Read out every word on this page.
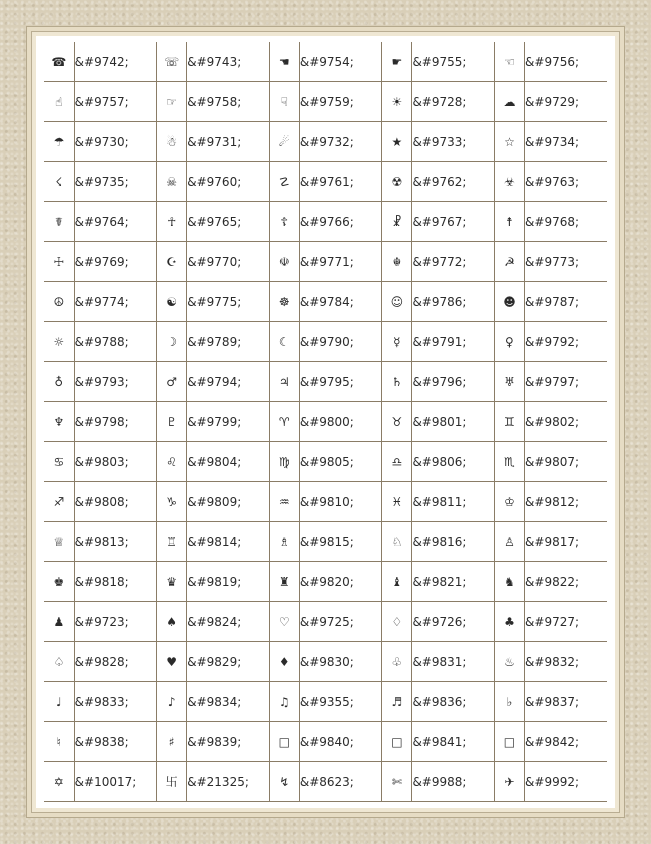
☎	&#9742;	☏	&#9743;	☚	&#9754;	☛	&#9755;	☜	&#9756;
☝	&#9757;	☞	&#9758;	☟	&#9759;	☀	&#9728;	☁	&#9729;
☂	&#9730;	☃	&#9731;	☄	&#9732;	★	&#9733;	☆	&#9734;
☇	&#9735;	☠	&#9760;	☡	&#9761;	☢	&#9762;	☣	&#9763;
☤	&#9764;	☥	&#9765;	☦	&#9766;	☧	&#9767;	☨	&#9768;
☩	&#9769;	☪	&#9770;	☫	&#9771;	☬	&#9772;	☭	&#9773;
☮	&#9774;	☯	&#9775;	☸	&#9784;	☺	&#9786;	☻	&#9787;
☼	&#9788;	☽	&#9789;	☾	&#9790;	☿	&#9791;	♀	&#9792;
♁	&#9793;	♂	&#9794;	♃	&#9795;	♄	&#9796;	♅	&#9797;
♆	&#9798;	♇	&#9799;	♈	&#9800;	♉	&#9801;	♊	&#9802;
♋	&#9803;	♌	&#9804;	♍	&#9805;	♎	&#9806;	♏	&#9807;
♐	&#9808;	♑	&#9809;	♒	&#9810;	♓	&#9811;	♔	&#9812;
♕	&#9813;	♖	&#9814;	♗	&#9815;	♘	&#9816;	♙	&#9817;
♚	&#9818;	♛	&#9819;	♜	&#9820;	♝	&#9821;	♞	&#9822;
♟	&#9723;	♠	&#9824;	♡	&#9725;	♢	&#9726;	♣	&#9727;
♤	&#9828;	♥	&#9829;	♦	&#9830;	♧	&#9831;	♨	&#9832;
♩	&#9833;	♪	&#9834;	♫	&#9355;	♬	&#9836;	♭	&#9837;
♮	&#9838;	♯	&#9839;	□	&#9840;	□	&#9841;	□	&#9842;
✡	&#10017;	卐	&#21325;	↯	&#8623;	✄	&#9988;	✈	&#9992;
